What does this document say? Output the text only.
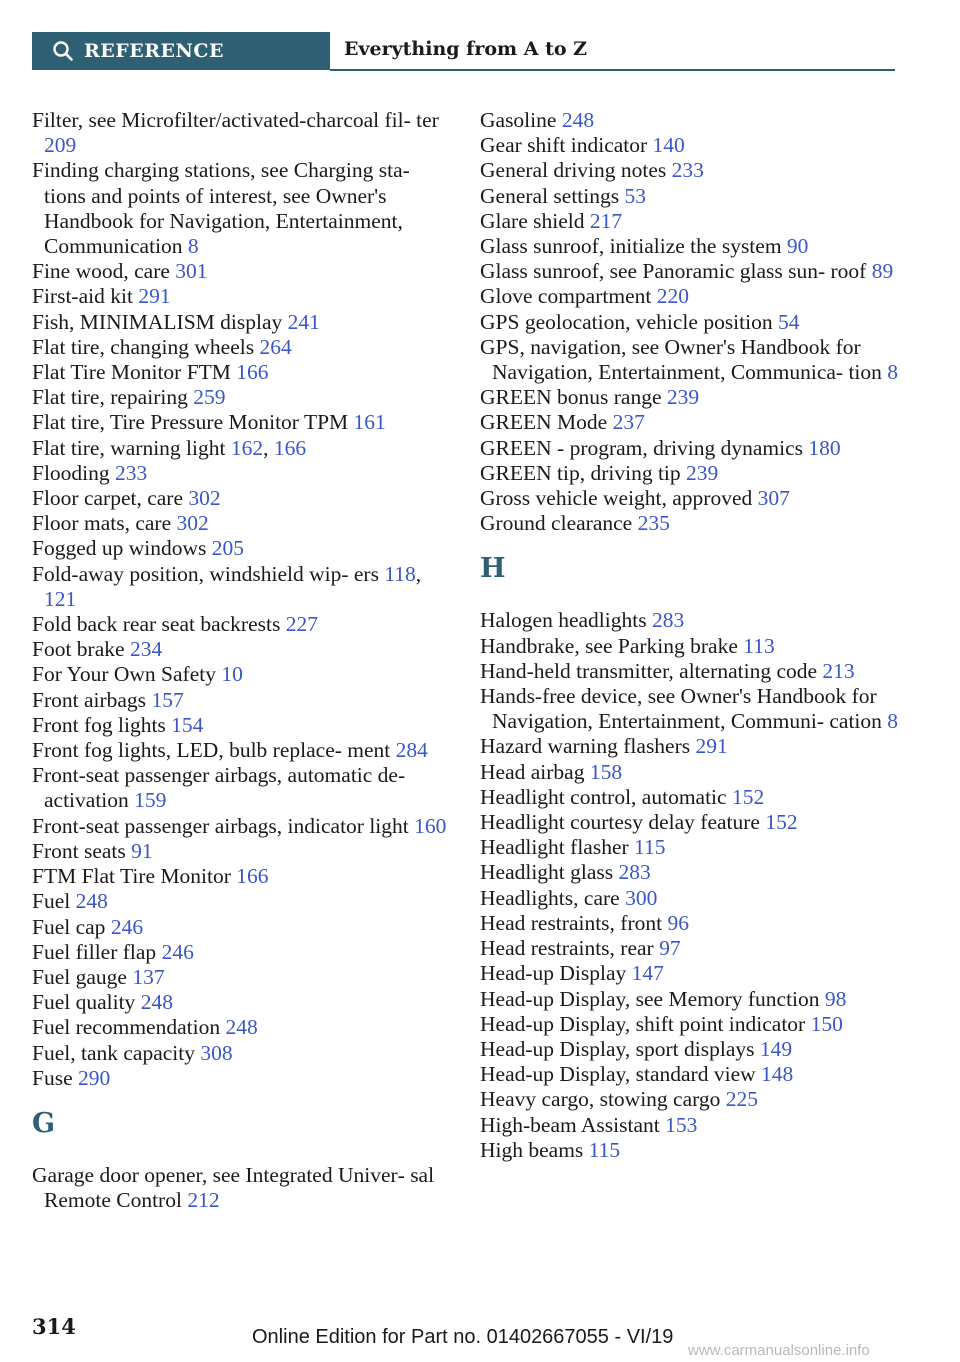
REFERENCE	Everything from A to Z

Filter, see Microfilter/activated-charcoal fil‐ ter 209

Finding charging stations, see Charging sta‐ tions and points of interest, see Owner's Handbook for Navigation, Entertainment, Communication 8

Fine wood, care 301

First-aid kit 291

Fish, MINIMALISM display 241

Flat tire, changing wheels 264

Flat Tire Monitor FTM 166

Flat tire, repairing 259

Flat tire, Tire Pressure Monitor TPM 161

Flat tire, warning light 162, 166

Flooding 233

Floor carpet, care 302

Floor mats, care 302

Fogged up windows 205

Fold-away position, windshield wip‐ ers 118, 121

Fold back rear seat backrests 227

Foot brake 234

For Your Own Safety 10

Front airbags 157

Front fog lights 154

Front fog lights, LED, bulb replace‐ ment 284

Front-seat passenger airbags, automatic de‐ activation 159

Front-seat passenger airbags, indicator light 160

Front seats 91

FTM Flat Tire Monitor 166

Fuel 248

Fuel cap 246

Fuel filler flap 246

Fuel gauge 137

Fuel quality 248

Fuel recommendation 248

Fuel, tank capacity 308

Fuse 290

G

Garage door opener, see Integrated Univer‐ sal Remote Control 212

Gasoline 248

Gear shift indicator 140

General driving notes 233

General settings 53

Glare shield 217

Glass sunroof, initialize the system 90

Glass sunroof, see Panoramic glass sun‐ roof 89

Glove compartment 220

GPS geolocation, vehicle position 54

GPS, navigation, see Owner's Handbook for Navigation, Entertainment, Communica‐ tion 8

GREEN bonus range 239

GREEN Mode 237

GREEN - program, driving dynamics 180

GREEN tip, driving tip 239

Gross vehicle weight, approved 307

Ground clearance 235

H

Halogen headlights 283

Handbrake, see Parking brake 113

Hand-held transmitter, alternating code 213

Hands-free device, see Owner's Handbook for Navigation, Entertainment, Communi‐ cation 8

Hazard warning flashers 291

Head airbag 158

Headlight control, automatic 152

Headlight courtesy delay feature 152

Headlight flasher 115

Headlight glass 283

Headlights, care 300

Head restraints, front 96

Head restraints, rear 97

Head-up Display 147

Head-up Display, see Memory function 98

Head-up Display, shift point indicator 150

Head-up Display, sport displays 149

Head-up Display, standard view 148

Heavy cargo, stowing cargo 225

High-beam Assistant 153

High beams 115

314	Online Edition for Part no. 01402667055 - VI/19
www.carmanualsonline.info
